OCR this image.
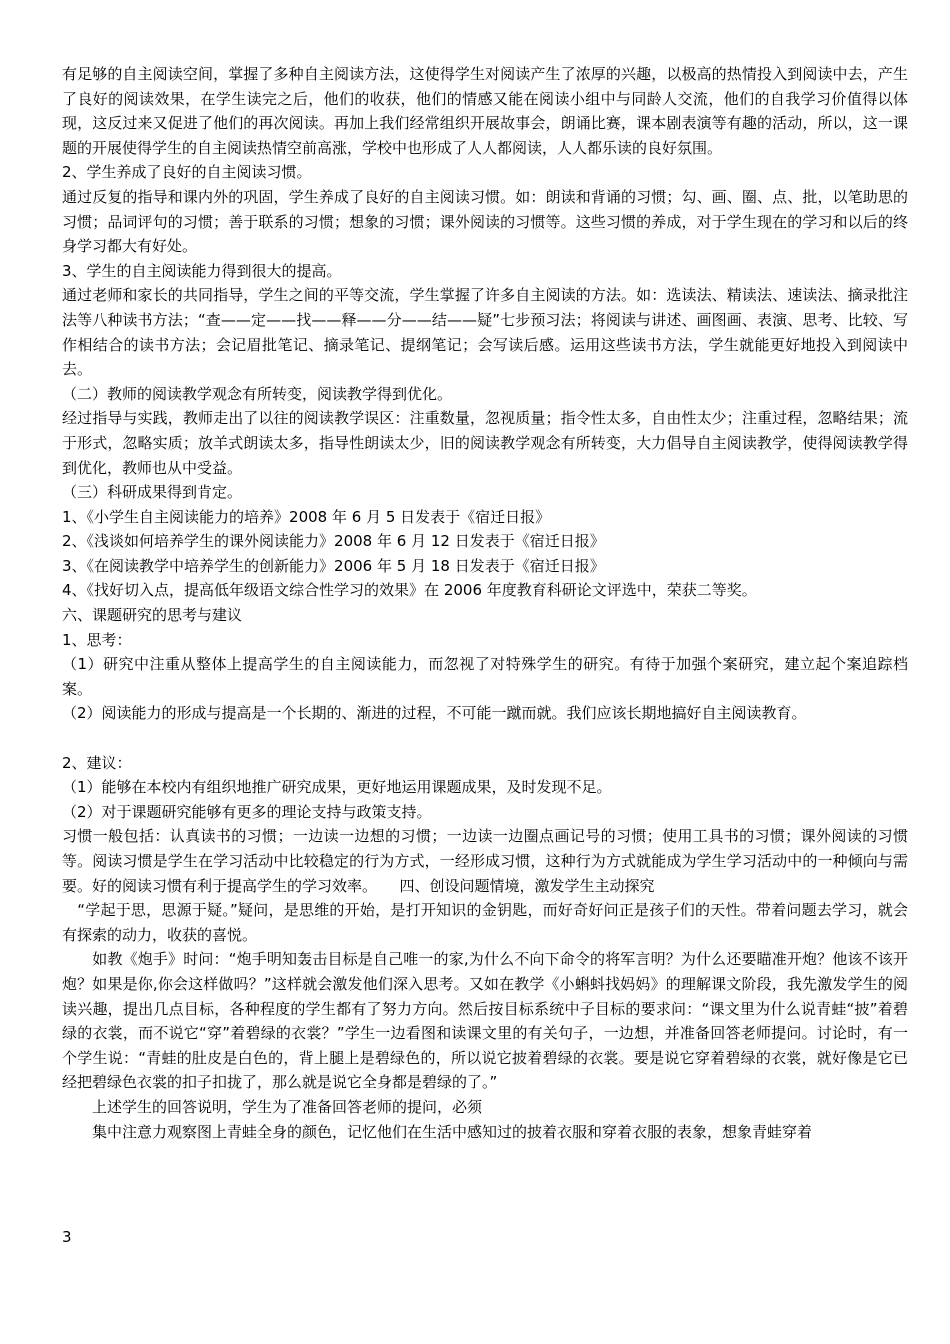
有足够的自主阅读空间，掌握了多种自主阅读方法，这使得学生对阅读产生了浓厚的兴趣，以极高的热情投入到阅读中去，产生了良好的阅读效果，在学生读完之后，他们的收获，他们的情感又能在阅读小组中与同龄人交流，他们的自我学习价值得以体现，这反过来又促进了他们的再次阅读。再加上我们经常组织开展故事会，朗诵比赛，课本剧表演等有趣的活动，所以，这一课题的开展使得学生的自主阅读热情空前高涨，学校中也形成了人人都阅读，人人都乐读的良好氛围。

2、学生养成了良好的自主阅读习惯。

通过反复的指导和课内外的巩固，学生养成了良好的自主阅读习惯。如：朗读和背诵的习惯；勾、画、圈、点、批，以笔助思的习惯；品词评句的习惯；善于联系的习惯；想象的习惯；课外阅读的习惯等。这些习惯的养成，对于学生现在的学习和以后的终身学习都大有好处。

3、学生的自主阅读能力得到很大的提高。

通过老师和家长的共同指导，学生之间的平等交流，学生掌握了许多自主阅读的方法。如：选读法、精读法、速读法、摘录批注法等八种读书方法；“查——定——找——释——分——结——疑”七步预习法；将阅读与讲述、画图画、表演、思考、比较、写作相结合的读书方法；会记眉批笔记、摘录笔记、提纲笔记；会写读后感。运用这些读书方法，学生就能更好地投入到阅读中去。

（二）教师的阅读教学观念有所转变，阅读教学得到优化。

经过指导与实践，教师走出了以往的阅读教学误区：注重数量，忽视质量；指令性太多，自由性太少；注重过程，忽略结果；流于形式，忽略实质；放羊式朗读太多，指导性朗读太少，旧的阅读教学观念有所转变，大力倡导自主阅读教学，使得阅读教学得到优化，教师也从中受益。

（三）科研成果得到肯定。

1、《小学生自主阅读能力的培养》2008 年 6 月 5 日发表于《宿迁日报》

2、《浅谈如何培养学生的课外阅读能力》2008 年 6 月 12 日发表于《宿迁日报》

3、《在阅读教学中培养学生的创新能力》2006 年 5 月 18 日发表于《宿迁日报》

4、《找好切入点，提高低年级语文综合性学习的效果》在 2006 年度教育科研论文评选中，荣获二等奖。

六、课题研究的思考与建议

1、思考：

（1）研究中注重从整体上提高学生的自主阅读能力，而忽视了对特殊学生的研究。有待于加强个案研究，建立起个案追踪档案。

（2）阅读能力的形成与提高是一个长期的、渐进的过程，不可能一蹴而就。我们应该长期地搞好自主阅读教育。

2、建议：

（1）能够在本校内有组织地推广研究成果，更好地运用课题成果，及时发现不足。

（2）对于课题研究能够有更多的理论支持与政策支持。

习惯一般包括：认真读书的习惯；一边读一边想的习惯；一边读一边圈点画记号的习惯；使用工具书的习惯；课外阅读的习惯等。阅读习惯是学生在学习活动中比较稳定的行为方式，一经形成习惯，这种行为方式就能成为学生学习活动中的一种倾向与需要。好的阅读习惯有利于提高学生的学习效率。　　四、创设问题情境，激发学生主动探究

　“学起于思，思源于疑。”疑问，是思维的开始，是打开知识的金钥匙，而好奇好问正是孩子们的天性。带着问题去学习，就会有探索的动力，收获的喜悦。

　　如教《炮手》时问：“炮手明知轰击目标是自己唯一的家,为什么不向下命令的将军言明？为什么还要瞄准开炮？他该不该开炮？如果是你,你会这样做吗？”这样就会激发他们深入思考。又如在教学《小蝌蚪找妈妈》的理解课文阶段，我先激发学生的阅读兴趣，提出几点目标，各种程度的学生都有了努力方向。然后按目标系统中子目标的要求问：“课文里为什么说青蛙“披”着碧绿的衣裳，而不说它“穿”着碧绿的衣裳？”学生一边看图和读课文里的有关句子，一边想，并准备回答老师提问。讨论时，有一个学生说：“青蛙的肚皮是白色的，背上腿上是碧绿色的，所以说它披着碧绿的衣裳。要是说它穿着碧绿的衣裳，就好像是它已经把碧绿色衣裳的扣子扣拢了，那么就是说它全身都是碧绿的了。”

　　上述学生的回答说明，学生为了准备回答老师的提问，必须

　　集中注意力观察图上青蛙全身的颜色，记忆他们在生活中感知过的披着衣服和穿着衣服的表象，想象青蛙穿着

3
